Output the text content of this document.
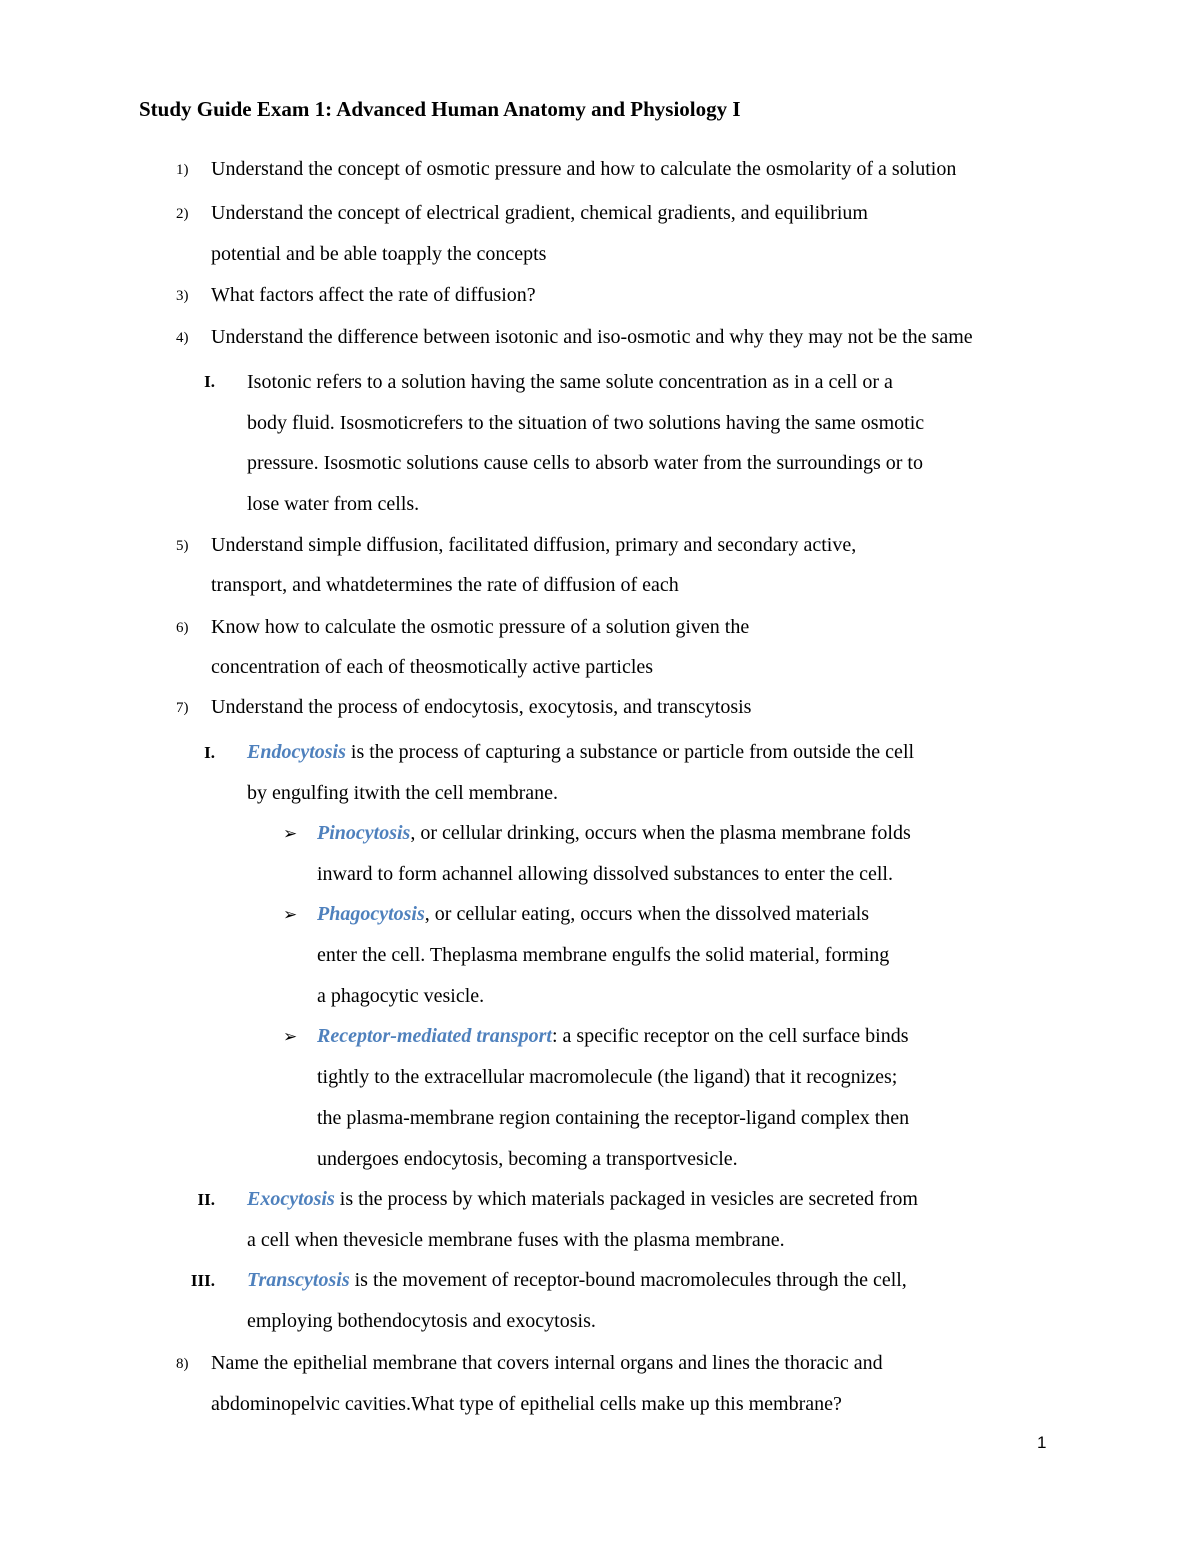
Study Guide Exam 1: Advanced Human Anatomy and Physiology I
1) Understand the concept of osmotic pressure and how to calculate the osmolarity of a solution
2) Understand the concept of electrical gradient, chemical gradients, and equilibrium
potential and be able toapply the concepts
3) What factors affect the rate of diffusion?
4) Understand the difference between isotonic and iso-osmotic and why they may not be the same
I. Isotonic refers to a solution having the same solute concentration as in a cell or a
body fluid. Isosmoticrefers to the situation of two solutions having the same osmotic
pressure. Isosmotic solutions cause cells to absorb water from the surroundings or to
lose water from cells.
5) Understand simple diffusion, facilitated diffusion, primary and secondary active,
transport, and whatdetermines the rate of diffusion of each
6) Know how to calculate the osmotic pressure of a solution given the
concentration of each of theosmotically active particles
7) Understand the process of endocytosis, exocytosis, and transcytosis
I. Endocytosis is the process of capturing a substance or particle from outside the cell
by engulfing itwith the cell membrane.
➢ Pinocytosis, or cellular drinking, occurs when the plasma membrane folds
inward to form achannel allowing dissolved substances to enter the cell.
➢ Phagocytosis, or cellular eating, occurs when the dissolved materials
enter the cell. Theplasma membrane engulfs the solid material, forming
a phagocytic vesicle.
➢ Receptor-mediated transport: a specific receptor on the cell surface binds
tightly to the extracellular macromolecule (the ligand) that it recognizes;
the plasma-membrane region containing the receptor-ligand complex then
undergoes endocytosis, becoming a transportvesicle.
II. Exocytosis is the process by which materials packaged in vesicles are secreted from
a cell when thevesicle membrane fuses with the plasma membrane.
III. Transcytosis is the movement of receptor-bound macromolecules through the cell,
employing bothendocytosis and exocytosis.
8) Name the epithelial membrane that covers internal organs and lines the thoracic and
abdominopelvic cavities.What type of epithelial cells make up this membrane?
1
